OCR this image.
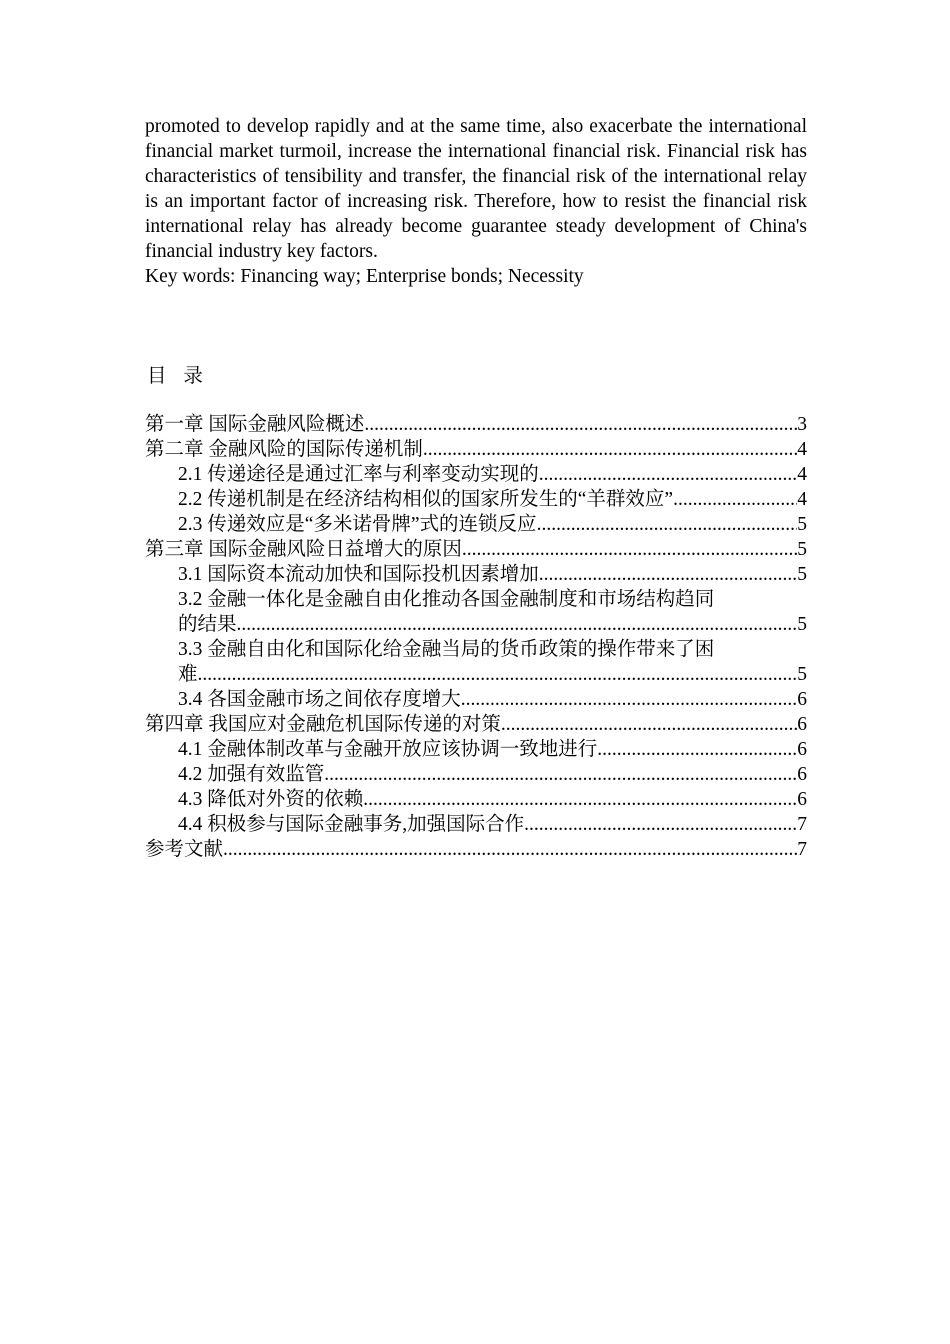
promoted to develop rapidly and at the same time, also exacerbate the international financial market turmoil, increase the international financial risk. Financial risk has characteristics of tensibility and transfer, the financial risk of the international relay is an important factor of increasing risk. Therefore, how to resist the financial risk international relay has already become guarantee steady development of China's financial industry key factors.

Key words: Financing way; Enterprise bonds; Necessity

目 录
第一章 国际金融风险概述 .....	3
第二章 金融风险的国际传递机制 .....	4
2.1 传递途径是通过汇率与利率变动实现的 .....	4
2.2 传递机制是在经济结构相似的国家所发生的“羊群效应” .....	4
2.3 传递效应是“多米诺骨牌”式的连锁反应 .....	5
第三章 国际金融风险日益增大的原因 .....	5
3.1 国际资本流动加快和国际投机因素增加 .....	5
3.2 金融一体化是金融自由化推动各国金融制度和市场结构趋同
的结果 .....	5
3.3 金融自由化和国际化给金融当局的货币政策的操作带来了困
难 .....	5
3.4 各国金融市场之间依存度增大 .....	6
第四章 我国应对金融危机国际传递的对策 .....	6
4.1 金融体制改革与金融开放应该协调一致地进行 .....	6
4.2 加强有效监管 .....	6
4.3 降低对外资的依赖 .....	6
4.4 积极参与国际金融事务,加强国际合作 .....	7
参考文献 .....	7
